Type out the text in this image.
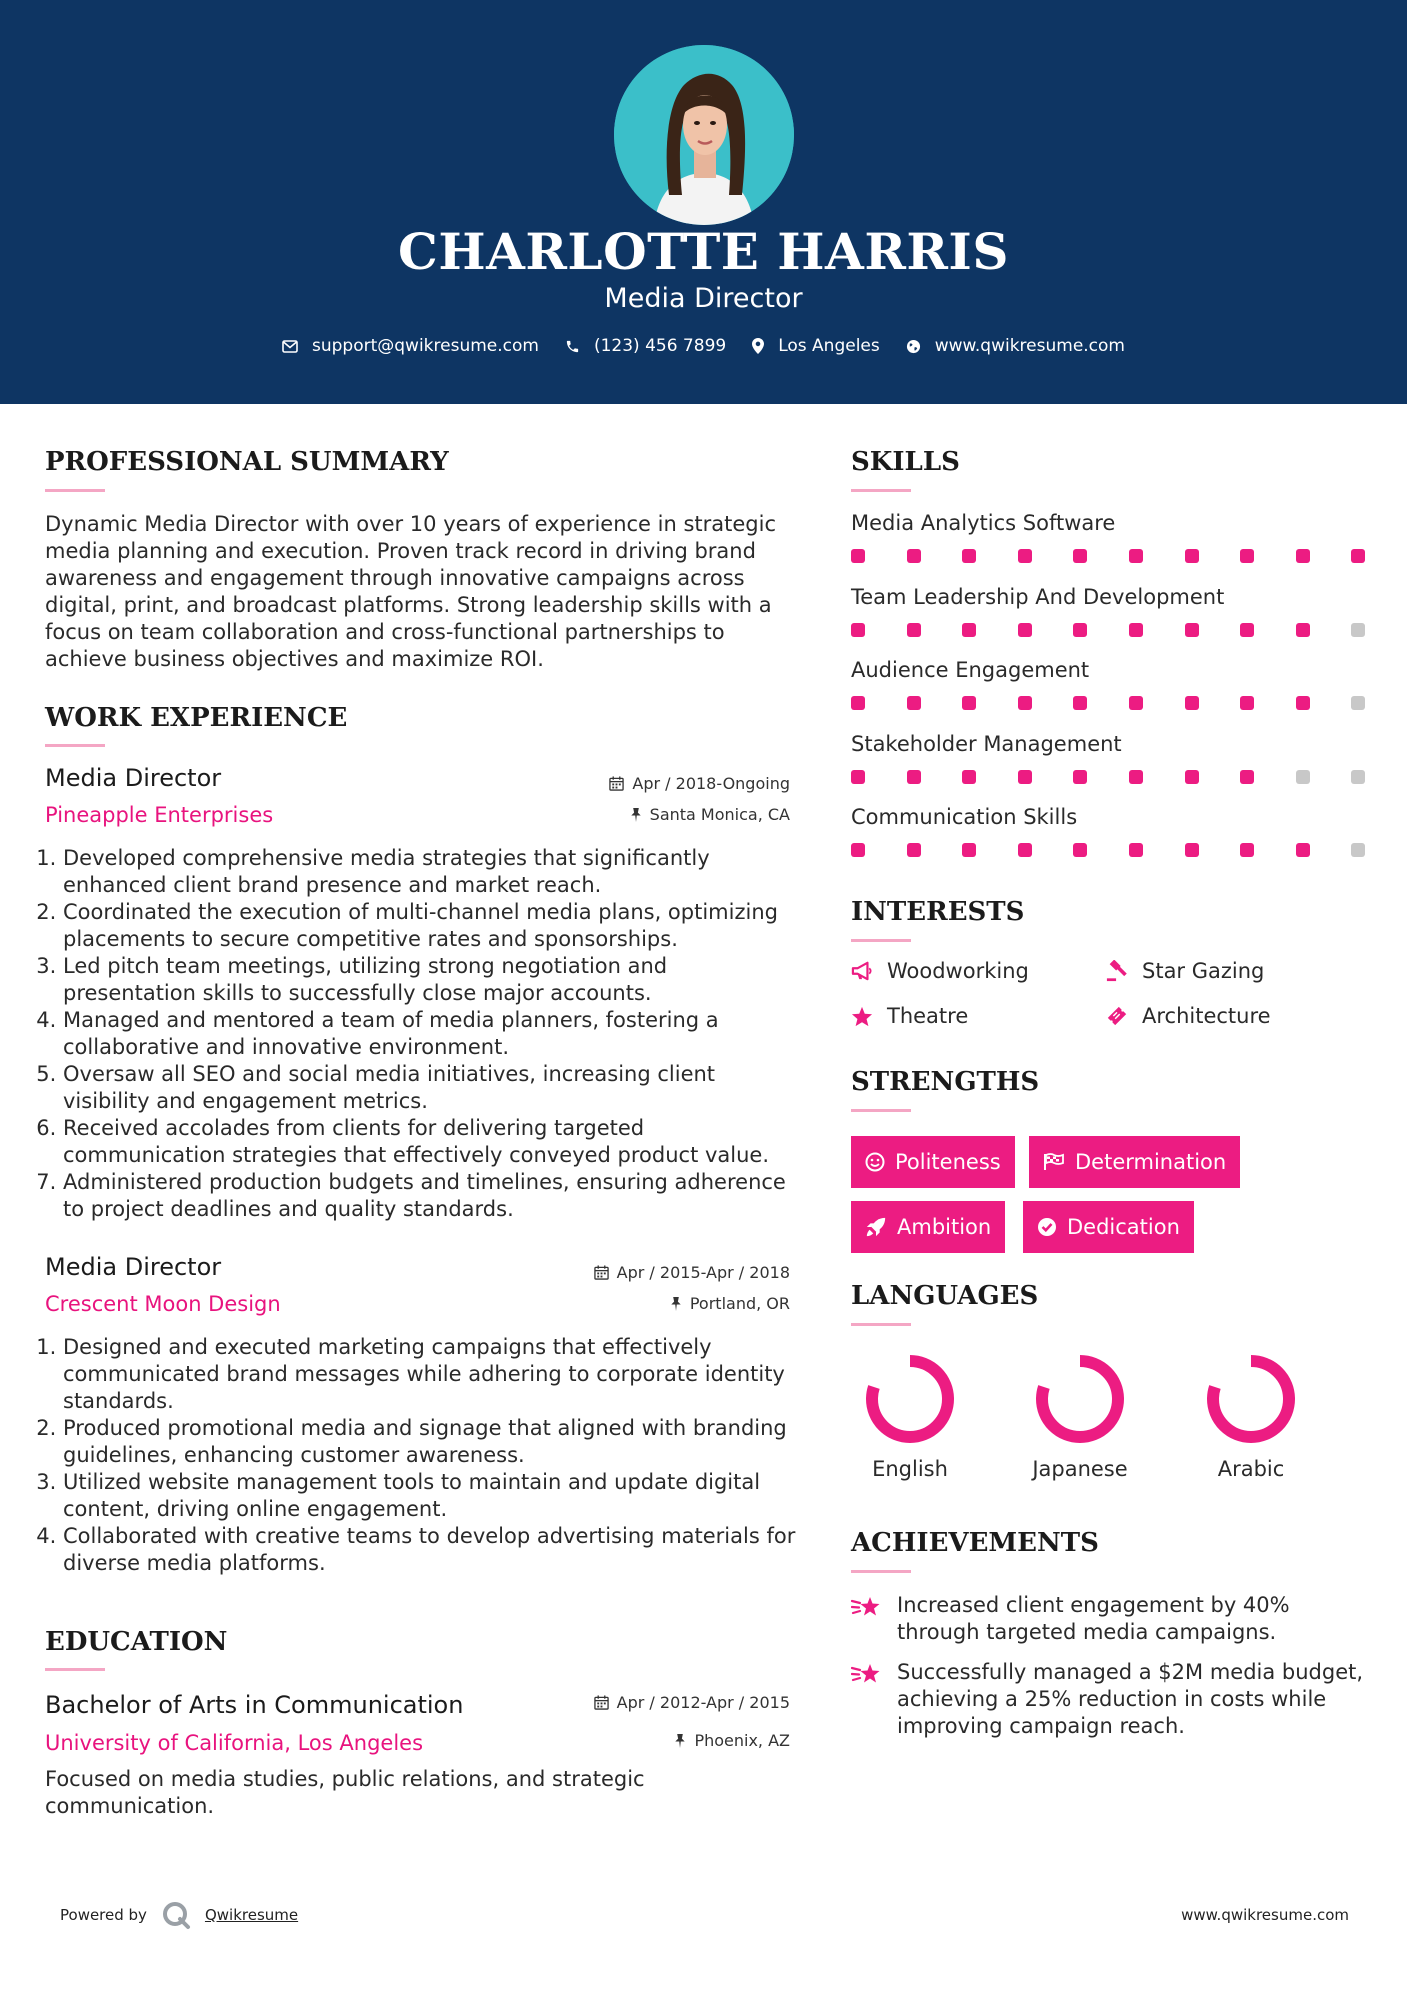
CHARLOTTE HARRIS
Media Director
support@qwikresume.com	(123) 456 7899	Los Angeles	www.qwikresume.com
PROFESSIONAL SUMMARY
Dynamic Media Director with over 10 years of experience in strategic media planning and execution. Proven track record in driving brand awareness and engagement through innovative campaigns across digital, print, and broadcast platforms. Strong leadership skills with a focus on team collaboration and cross-functional partnerships to achieve business objectives and maximize ROI.
WORK EXPERIENCE
Media Director
Pineapple Enterprises
Apr / 2018-Ongoing
Santa Monica, CA
1. Developed comprehensive media strategies that significantly enhanced client brand presence and market reach.
2. Coordinated the execution of multi-channel media plans, optimizing placements to secure competitive rates and sponsorships.
3. Led pitch team meetings, utilizing strong negotiation and presentation skills to successfully close major accounts.
4. Managed and mentored a team of media planners, fostering a collaborative and innovative environment.
5. Oversaw all SEO and social media initiatives, increasing client visibility and engagement metrics.
6. Received accolades from clients for delivering targeted communication strategies that effectively conveyed product value.
7. Administered production budgets and timelines, ensuring adherence to project deadlines and quality standards.
Media Director
Crescent Moon Design
Apr / 2015-Apr / 2018
Portland, OR
1. Designed and executed marketing campaigns that effectively communicated brand messages while adhering to corporate identity standards.
2. Produced promotional media and signage that aligned with branding guidelines, enhancing customer awareness.
3. Utilized website management tools to maintain and update digital content, driving online engagement.
4. Collaborated with creative teams to develop advertising materials for diverse media platforms.
EDUCATION
Bachelor of Arts in Communication
University of California, Los Angeles
Apr / 2012-Apr / 2015
Phoenix, AZ
Focused on media studies, public relations, and strategic communication.
SKILLS
Media Analytics Software
Team Leadership And Development
Audience Engagement
Stakeholder Management
Communication Skills
INTERESTS
Woodworking	Star Gazing
Theatre	Architecture
STRENGTHS
Politeness	Determination
Ambition	Dedication
LANGUAGES
English	Japanese	Arabic
ACHIEVEMENTS
Increased client engagement by 40% through targeted media campaigns.
Successfully managed a $2M media budget, achieving a 25% reduction in costs while improving campaign reach.
Powered by	Qwikresume	www.qwikresume.com
